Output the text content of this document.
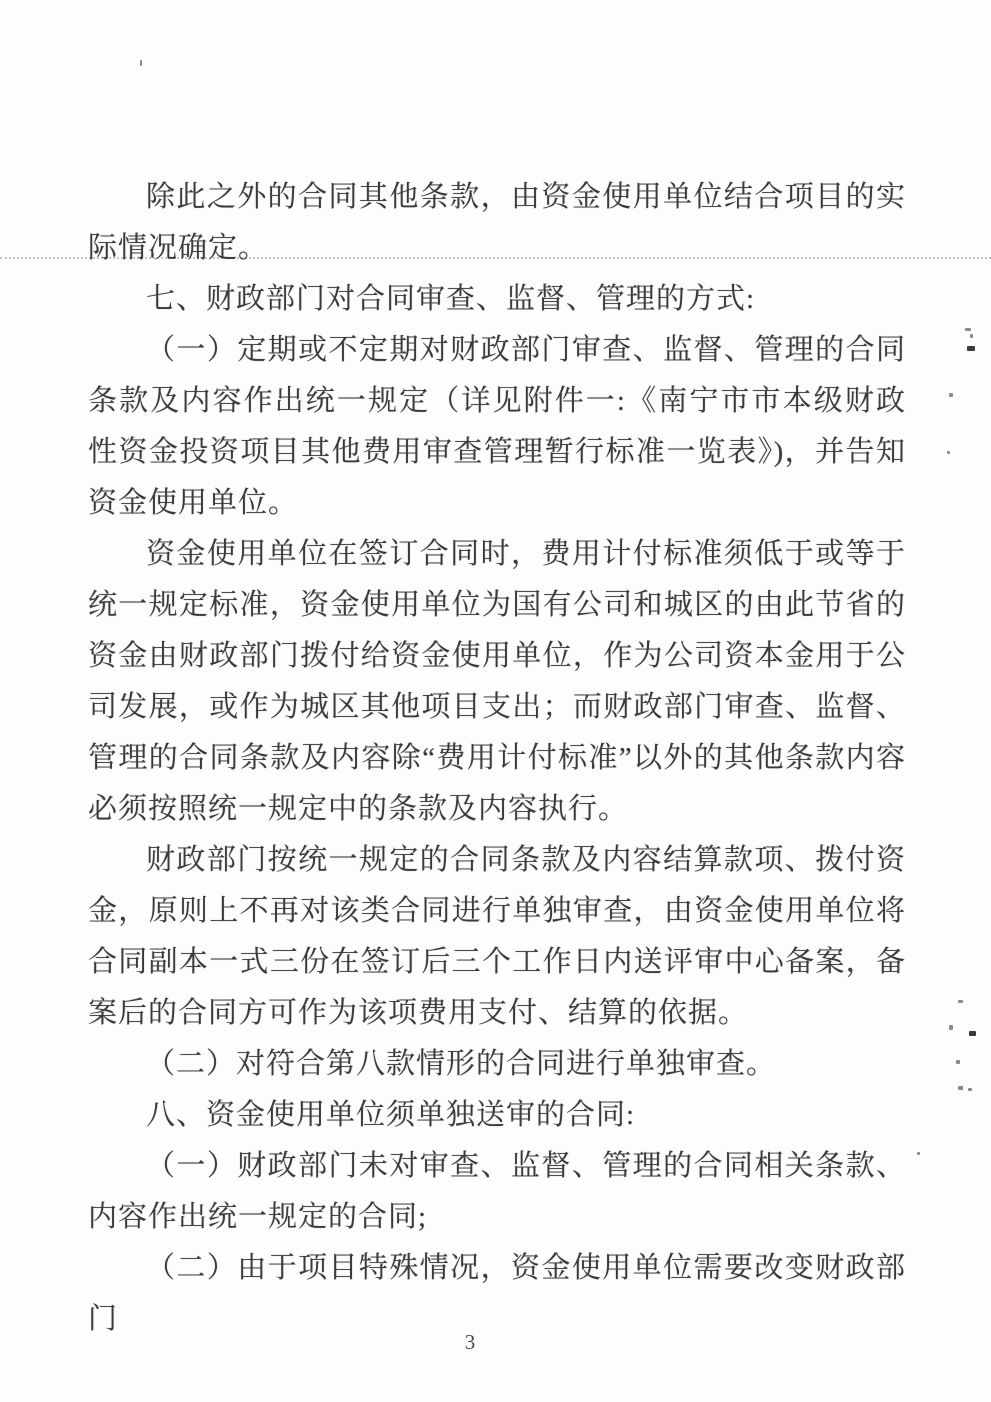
除此之外的合同其他条款，由资金使用单位结合项目的实际情况确定。

七、财政部门对合同审查、监督、管理的方式:

（一）定期或不定期对财政部门审查、监督、管理的合同条款及内容作出统一规定（详见附件一:《南宁市市本级财政性资金投资项目其他费用审查管理暂行标准一览表》)，并告知资金使用单位。

资金使用单位在签订合同时，费用计付标准须低于或等于统一规定标准，资金使用单位为国有公司和城区的由此节省的资金由财政部门拨付给资金使用单位，作为公司资本金用于公司发展，或作为城区其他项目支出；而财政部门审查、监督、管理的合同条款及内容除“费用计付标准”以外的其他条款内容必须按照统一规定中的条款及内容执行。

财政部门按统一规定的合同条款及内容结算款项、拨付资金，原则上不再对该类合同进行单独审查，由资金使用单位将合同副本一式三份在签订后三个工作日内送评审中心备案，备案后的合同方可作为该项费用支付、结算的依据。

（二）对符合第八款情形的合同进行单独审查。

八、资金使用单位须单独送审的合同:

（一）财政部门未对审查、监督、管理的合同相关条款、内容作出统一规定的合同;

（二）由于项目特殊情况，资金使用单位需要改变财政部门

3
